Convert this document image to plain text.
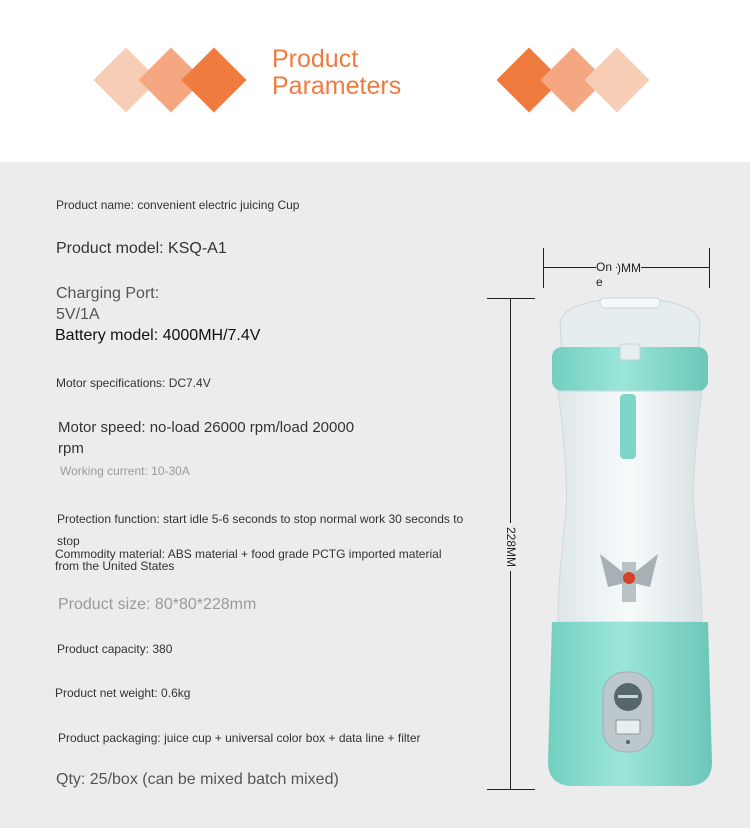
Product
Parameters
Product name: convenient electric juicing Cup
Product model: KSQ-A1
Charging Port:
5V/1A
Battery model: 4000MH/7.4V
Motor specifications: DC7.4V
Motor speed: no-load 26000 rpm/load 20000 rpm
Working current: 10-30A
Protection function: start idle 5-6 seconds to stop normal work 30 seconds to stop
Commodity material: ABS material + food grade PCTG imported material from the United States
Product size: 80*80*228mm
Product capacity: 380
Product net weight: 0.6kg
Product packaging: juice cup + universal color box + data line + filter
Qty: 25/box (can be mixed batch mixed)
On e
)MM
228MM
